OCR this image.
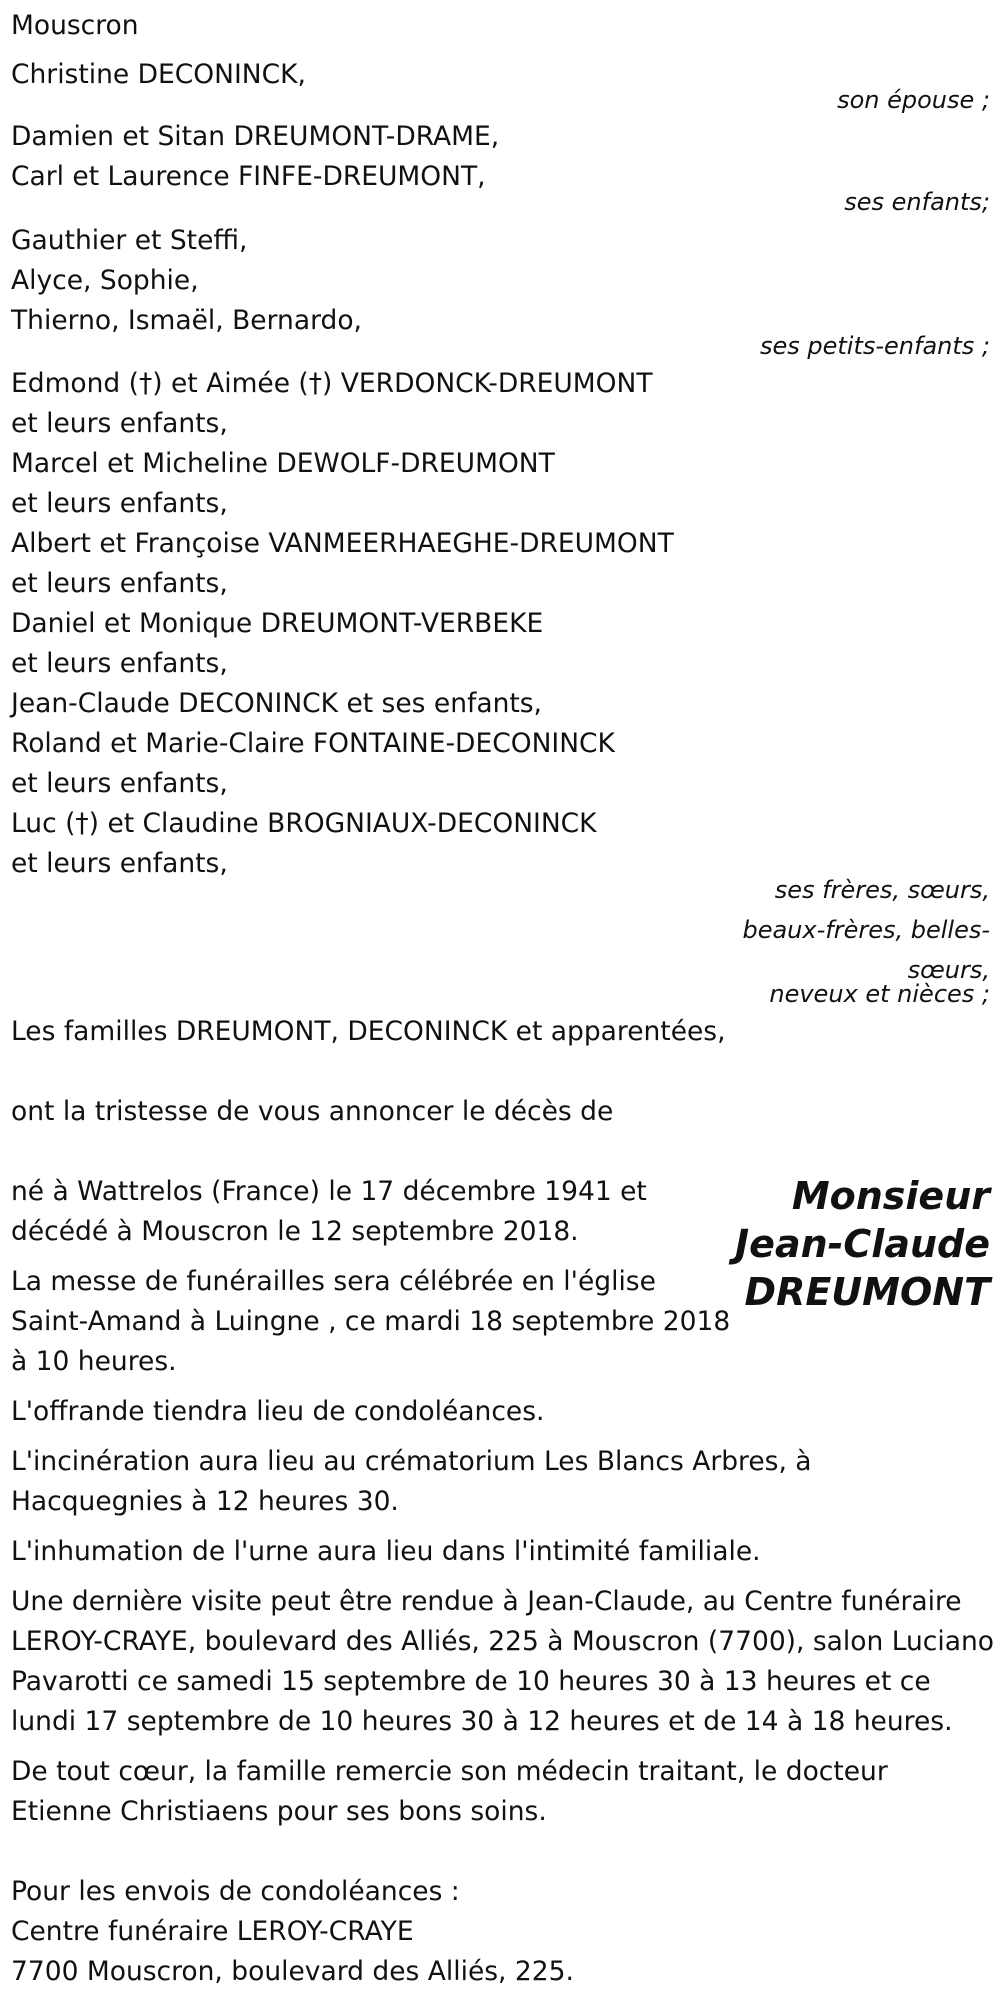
Mouscron
Christine DECONINCK,
son épouse ;
Damien et Sitan DREUMONT-DRAME,
Carl et Laurence FINFE-DREUMONT,
ses enfants;
Gauthier et Steffi,
Alyce, Sophie,
Thierno, Ismaël, Bernardo,
ses petits-enfants ;
Edmond (†) et Aimée (†) VERDONCK-DREUMONT
et leurs enfants,
Marcel et Micheline DEWOLF-DREUMONT
et leurs enfants,
Albert et Françoise VANMEERHAEGHE-DREUMONT
et leurs enfants,
Daniel et Monique DREUMONT-VERBEKE
et leurs enfants,
Jean-Claude DECONINCK et ses enfants,
Roland et Marie-Claire FONTAINE-DECONINCK
et leurs enfants,
Luc (†) et Claudine BROGNIAUX-DECONINCK
et leurs enfants,
ses frères, sœurs,
beaux-frères, belles-
sœurs,
neveux et nièces ;
Les familles DREUMONT, DECONINCK et apparentées,
ont la tristesse de vous annoncer le décès de
Monsieur
Jean-Claude
DREUMONT
né à Wattrelos (France) le 17 décembre 1941 et
décédé à Mouscron le 12 septembre 2018.
La messe de funérailles sera célébrée en l'église
Saint-Amand à Luingne , ce mardi 18 septembre 2018
à 10 heures.
L'offrande tiendra lieu de condoléances.
L'incinération aura lieu au crématorium Les Blancs Arbres, à
Hacquegnies à 12 heures 30.
L'inhumation de l'urne aura lieu dans l'intimité familiale.
Une dernière visite peut être rendue à Jean-Claude, au Centre funéraire
LEROY-CRAYE, boulevard des Alliés, 225 à Mouscron (7700), salon Luciano
Pavarotti ce samedi 15 septembre de 10 heures 30 à 13 heures et ce
lundi 17 septembre de 10 heures 30 à 12 heures et de 14 à 18 heures.
De tout cœur, la famille remercie son médecin traitant, le docteur
Etienne Christiaens pour ses bons soins.
Pour les envois de condoléances :
Centre funéraire LEROY-CRAYE
7700 Mouscron, boulevard des Alliés, 225.
